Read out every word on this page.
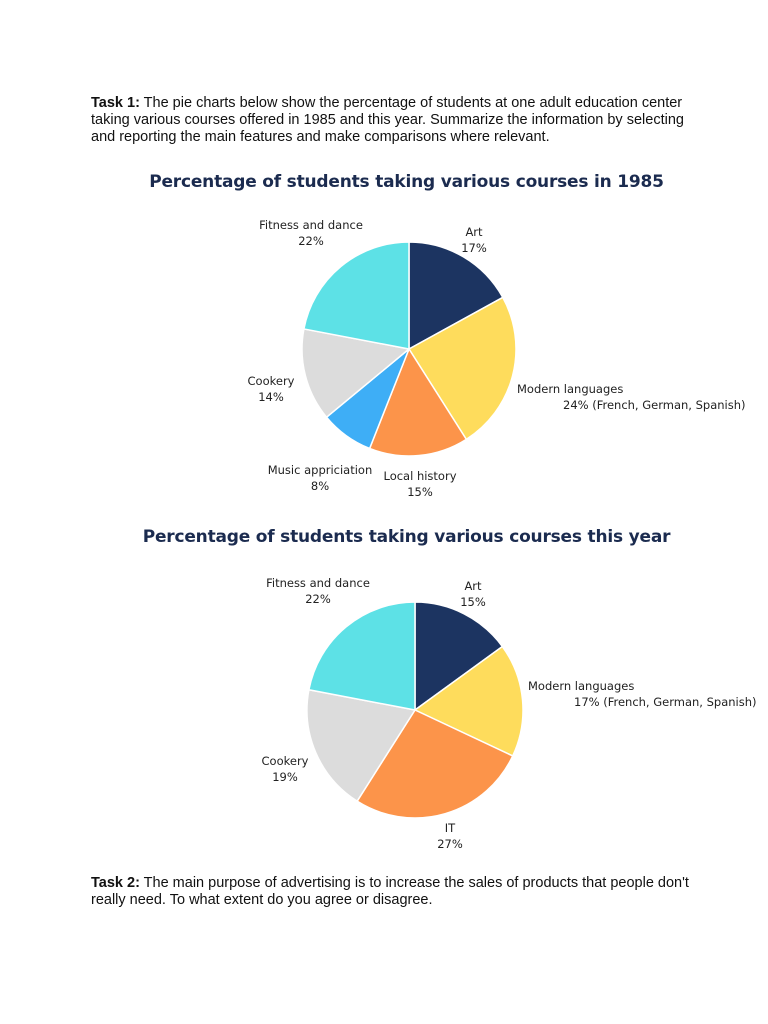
Task 1: The pie charts below show the percentage of students at one adult education center taking various courses offered in 1985 and this year. Summarize the information by selecting and reporting the main features and make comparisons where relevant.
Percentage of students taking various courses in 1985
Art
17%
Modern languages
24% (French, German, Spanish)
Local history
15%
Music appriciation
8%
Cookery
14%
Fitness and dance
22%
Percentage of students taking various courses this year
Art
15%
Modern languages
17% (French, German, Spanish)
IT
27%
Cookery
19%
Fitness and dance
22%
Task 2: The main purpose of advertising is to increase the sales of products that people don't really need. To what extent do you agree or disagree.
